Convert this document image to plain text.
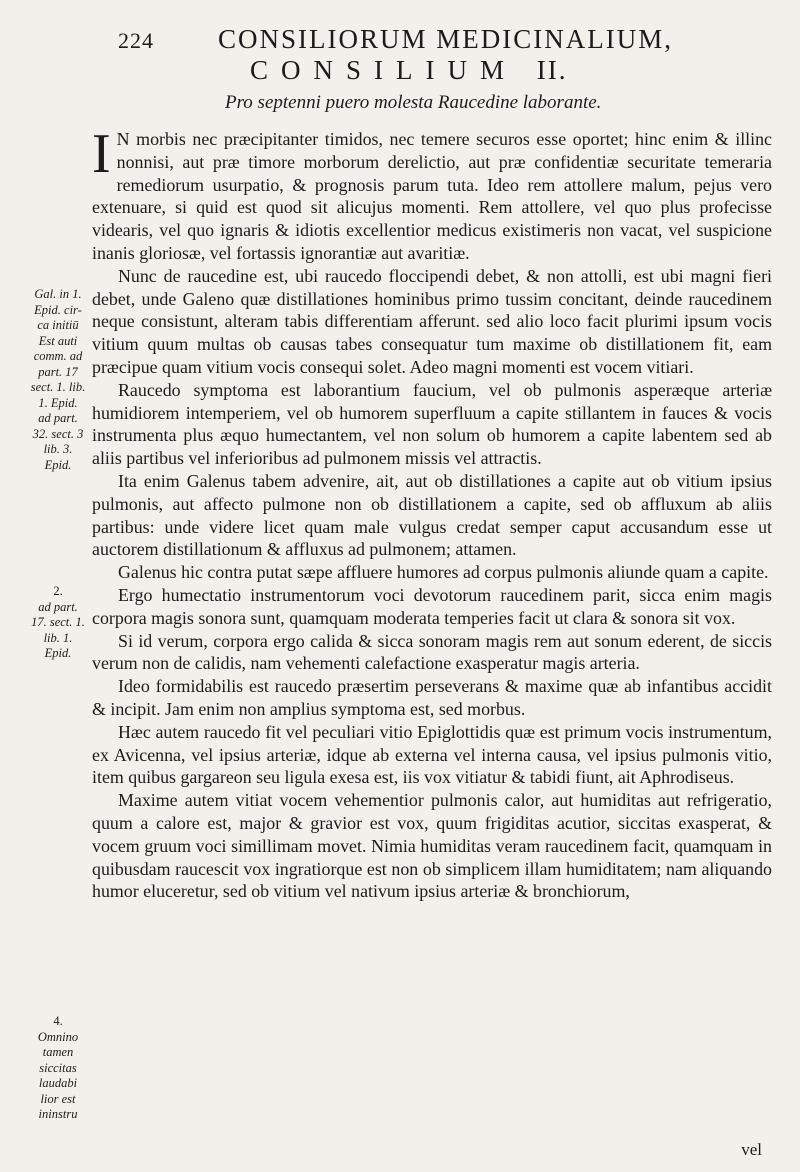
224 CONSILIORUM MEDICINALIUM,
CONSILIUM II.
Pro septenni puero molesta Raucedine laborante.

I N morbis nec præcipitanter timidos, nec temere securos esse oportet; hinc enim & illinc nonnisi, aut præ timore morborum derelictio, aut præ confidentiæ securitate temeraria remediorum usurpatio, & prognosis parum tuta. Ideo rem attollere malum, pejus vero extenuare, si quid est quod sit alicujus momenti. Rem attollere, vel quo plus profecisse videaris, vel quo ignaris & idiotis excellentior medicus existimeris non vacat, vel suspicione inanis gloriosæ, vel fortassis ignorantiæ aut avaritiæ.

Nunc de raucedine est, ubi raucedo floccipendi debet, & non attolli, est ubi magni fieri debet, unde Galeno quæ distillationes hominibus primo tussim concitant, deinde raucedinem neque consistunt, alteram tabis differentiam afferunt. sed alio loco facit plurimi ipsum vocis vitium quum multas ob causas tabes consequatur tum maxime ob distillationem fit, eam præcipue quam vitium vocis consequi solet. Adeo magni momenti est vocem vitiari.

Raucedo symptoma est laborantium faucium, vel ob pulmonis asperæque arteriæ humidiorem intemperiem, vel ob humorem superfluum a capite stillantem in fauces & vocis instrumenta plus æquo humectantem, vel non solum ob humorem a capite labentem sed ab aliis partibus vel inferioribus ad pulmonem missis vel attractis.

Ita enim Galenus tabem advenire, ait, aut ob distillationes a capite aut ob vitium ipsius pulmonis, aut affecto pulmone non ob distillationem a capite, sed ob affluxum ab aliis partibus: unde videre licet quam male vulgus credat semper caput accusandum esse ut auctorem distillationum & affluxus ad pulmonem; attamen.

Galenus hic contra putat sæpe affluere humores ad corpus pulmonis aliunde quam a capite.

Ergo humectatio instrumentorum voci devotorum raucedinem parit, sicca enim magis corpora magis sonora sunt, quamquam moderata temperies facit ut clara & sonora sit vox.

Si id verum, corpora ergo calida & sicca sonoram magis rem aut sonum ederent, de siccis verum non de calidis, nam vehementi calefactione exasperatur magis arteria.

Ideo formidabilis est raucedo præsertim perseverans & maxime quæ ab infantibus accidit & incipit. Jam enim non amplius symptoma est, sed morbus.

Hæc autem raucedo fit vel peculiari vitio Epiglottidis quæ est primum vocis instrumentum, ex Avicenna, vel ipsius arteriæ, idque ab externa vel interna causa, vel ipsius pulmonis vitio, item quibus gargareon seu ligula exesa est, iis vox vitiatur & tabidi fiunt, ait Aphrodiseus.

Maxime autem vitiat vocem vehementior pulmonis calor, aut humiditas aut refrigeratio, quum a calore est, major & gravior est vox, quum frigiditas acutior, siccitas exasperat, & vocem gruum voci simillimam movet. Nimia humiditas veram raucedinem facit, quamquam in quibusdam raucescit vox ingratiorque est non ob simplicem illam humiditatem; nam aliquando humor eluceretur, sed ob vitium vel nativum ipsius arteriæ & bronchiorum,

Gal. in 1.
Epid. cir-
ca initiū
Est auti
comm. ad
part. 17
sect. 1. lib.
1. Epid.
ad part.
32. sect. 3
lib. 3.
Epid.
2.
ad part.
17. sect. 1.
lib. 1.
Epid.
4.
Omnino
tamen
siccitas
laudabi
lior est
ininstru
vel
